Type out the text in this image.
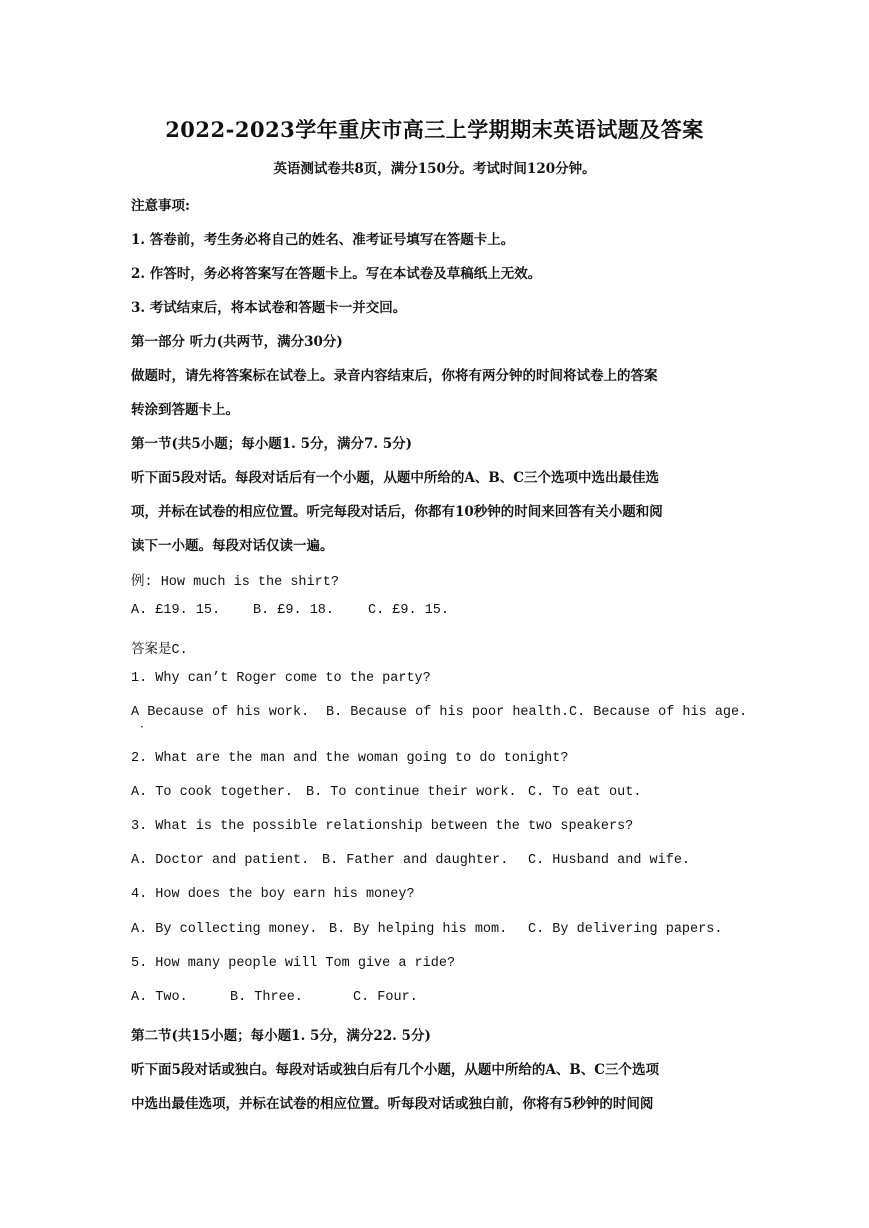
2022-2023学年重庆市高三上学期期末英语试题及答案
英语测试卷共8页，满分150分。考试时间120分钟。
注意事项:
1. 答卷前，考生务必将自己的姓名、准考证号填写在答题卡上。
2. 作答时，务必将答案写在答题卡上。写在本试卷及草稿纸上无效。
3. 考试结束后，将本试卷和答题卡一并交回。
第一部分 听力(共两节，满分30分)
做题时，请先将答案标在试卷上。录音内容结束后，你将有两分钟的时间将试卷上的答案
转涂到答题卡上。
第一节(共5小题；每小题1. 5分，满分7. 5分)
听下面5段对话。每段对话后有一个小题，从题中所给的A、B、C三个选项中选出最佳选
项，并标在试卷的相应位置。听完每段对话后，你都有10秒钟的时间来回答有关小题和阅
读下一小题。每段对话仅读一遍。
例: How much is the shirt?
A. £19. 15. B. £9. 18.	C. £9. 15.
答案是C.
1. Why can’t Roger come to the party?
A Because of his work. B. Because of his poor health.C. Because of his age.
·
2. What are the man and the woman going to do tonight?
A. To cook together. B. To continue their work. C. To eat out.
3. What is the possible relationship between the two speakers?
A. Doctor and patient. B. Father and daughter. C. Husband and wife.
4. How does the boy earn his money?
A. By collecting money. B. By helping his mom. C. By delivering papers.
5. How many people will Tom give a ride?
A. Two.	B. Three.	C. Four.
第二节(共15小题；每小题1. 5分，满分22. 5分)
听下面5段对话或独白。每段对话或独白后有几个小题，从题中所给的A、B、C三个选项
中选出最佳选项，并标在试卷的相应位置。听每段对话或独白前，你将有5秒钟的时间阅
